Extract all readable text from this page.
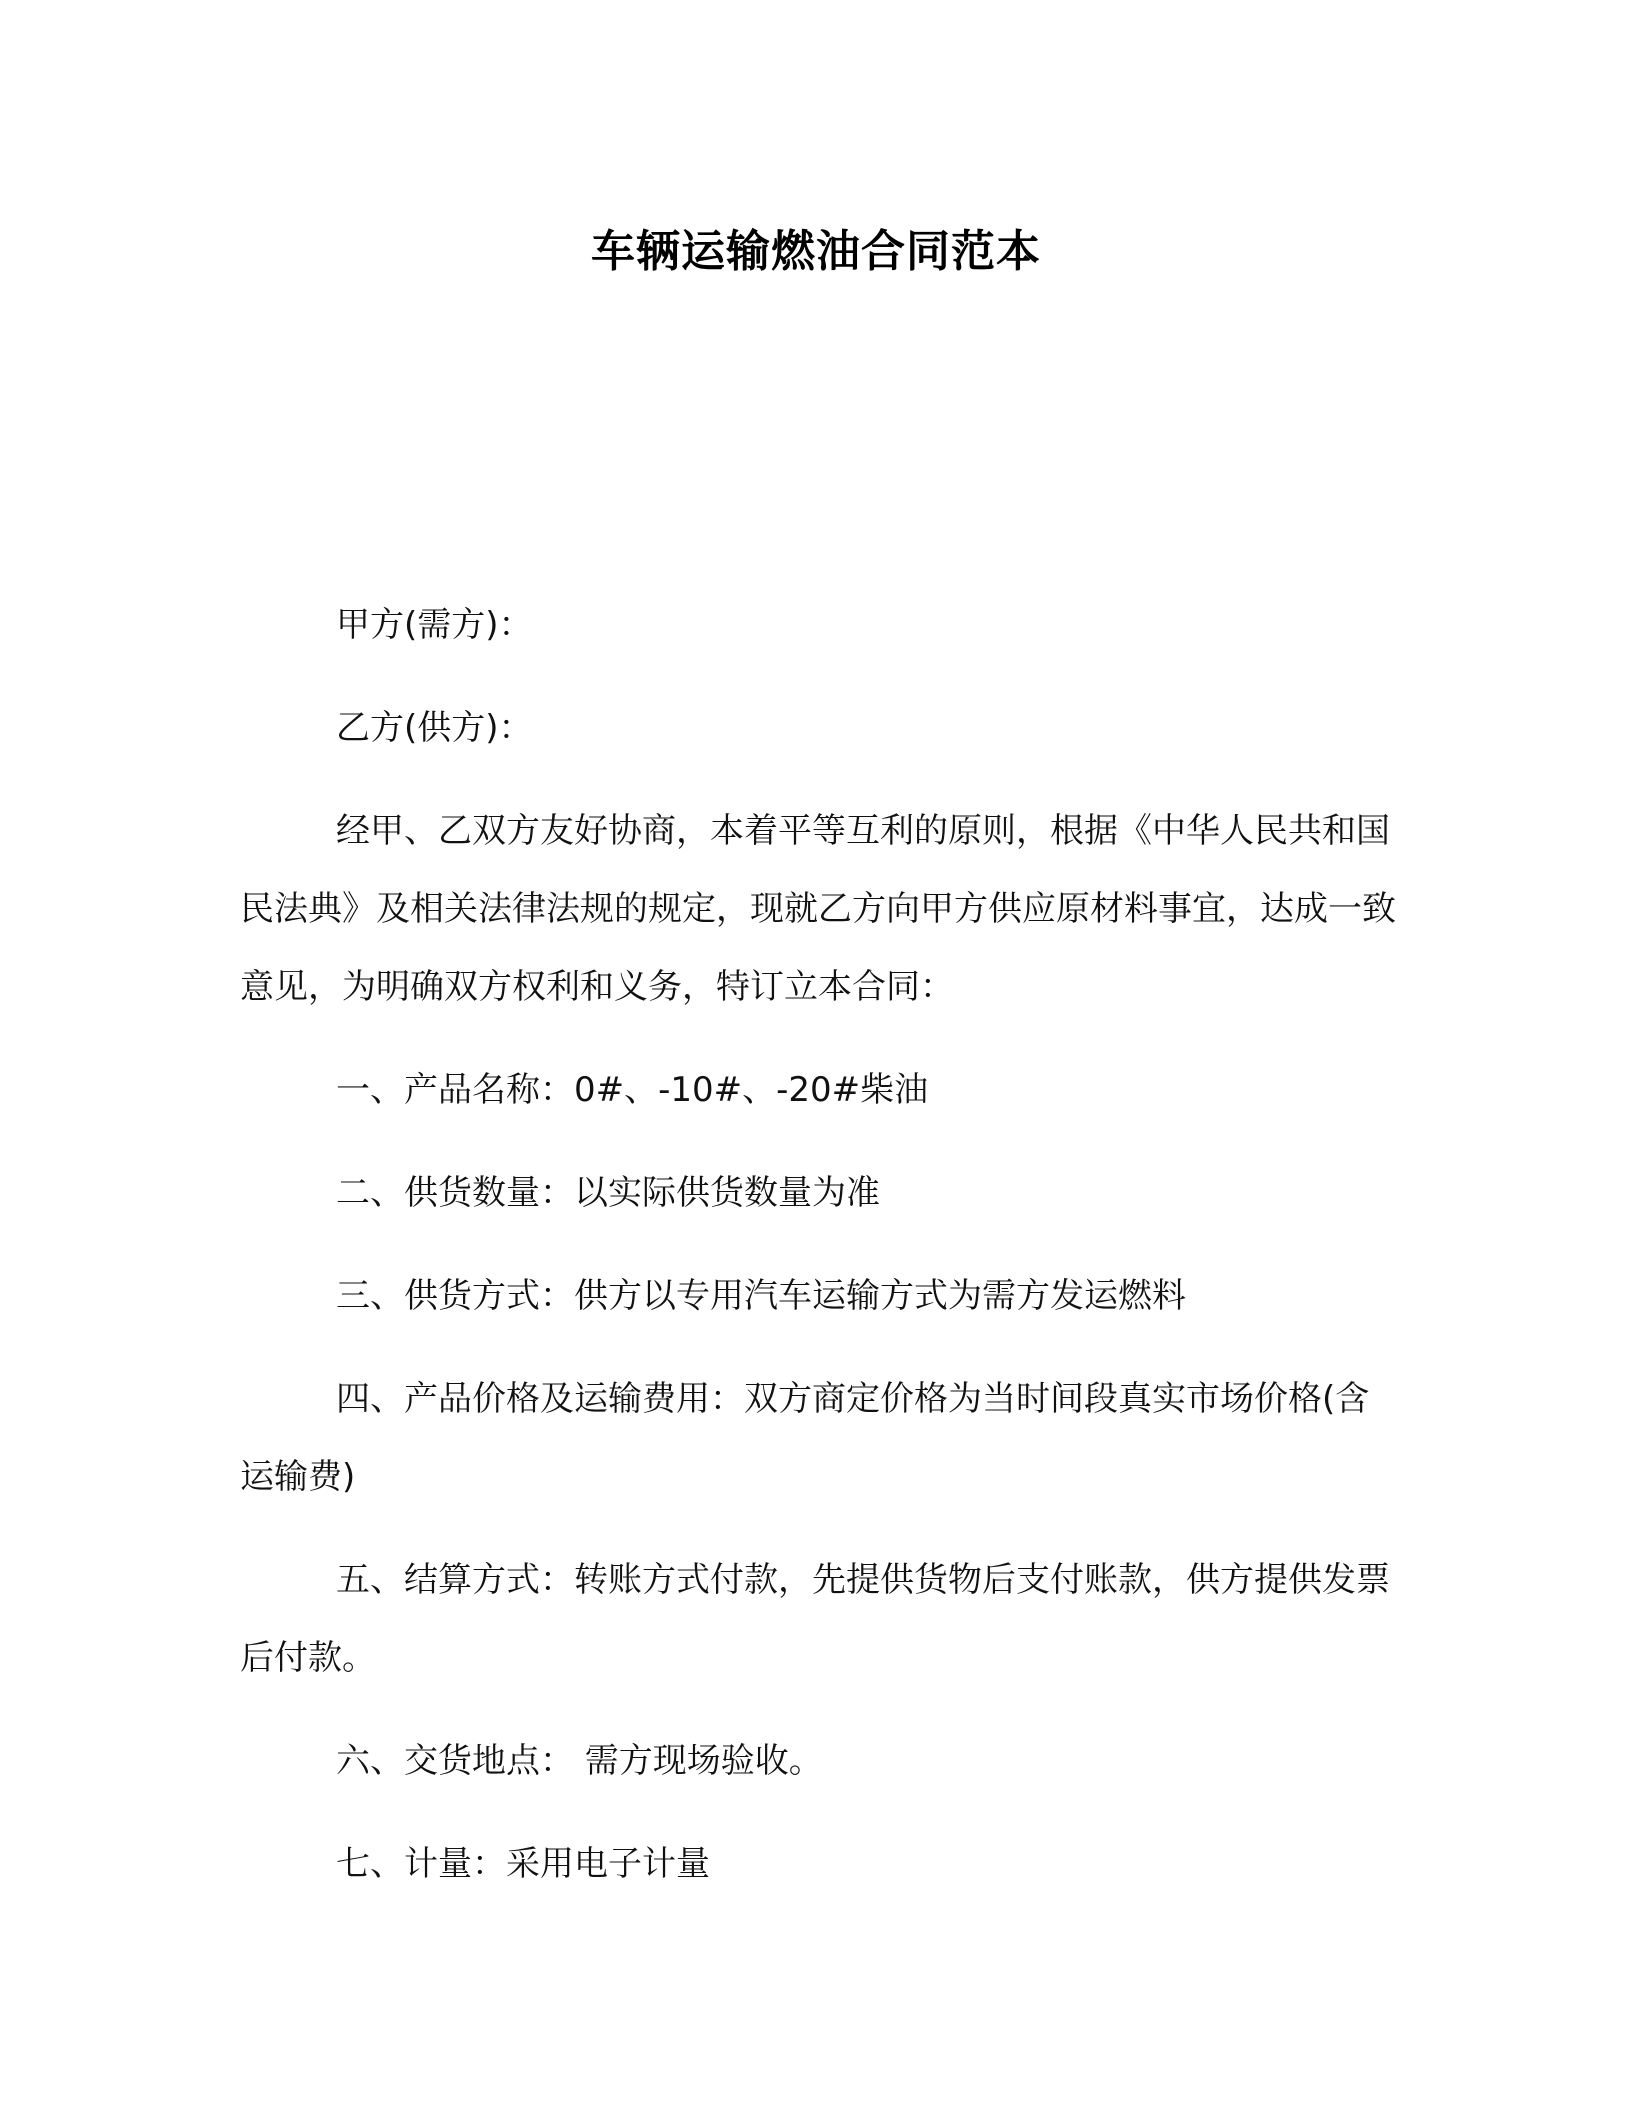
车辆运输燃油合同范本

甲方(需方)：

乙方(供方)：

经甲、乙双方友好协商，本着平等互利的原则，根据《中华人民共和国民法典》及相关法律法规的规定，现就乙方向甲方供应原材料事宜，达成一致意见，为明确双方权利和义务，特订立本合同：

一、产品名称：0#、-10#、-20#柴油

二、供货数量：以实际供货数量为准

三、供货方式：供方以专用汽车运输方式为需方发运燃料

四、产品价格及运输费用：双方商定价格为当时间段真实市场价格(含运输费)

五、结算方式：转账方式付款，先提供货物后支付账款，供方提供发票后付款。

六、交货地点： 需方现场验收。

七、计量：采用电子计量
